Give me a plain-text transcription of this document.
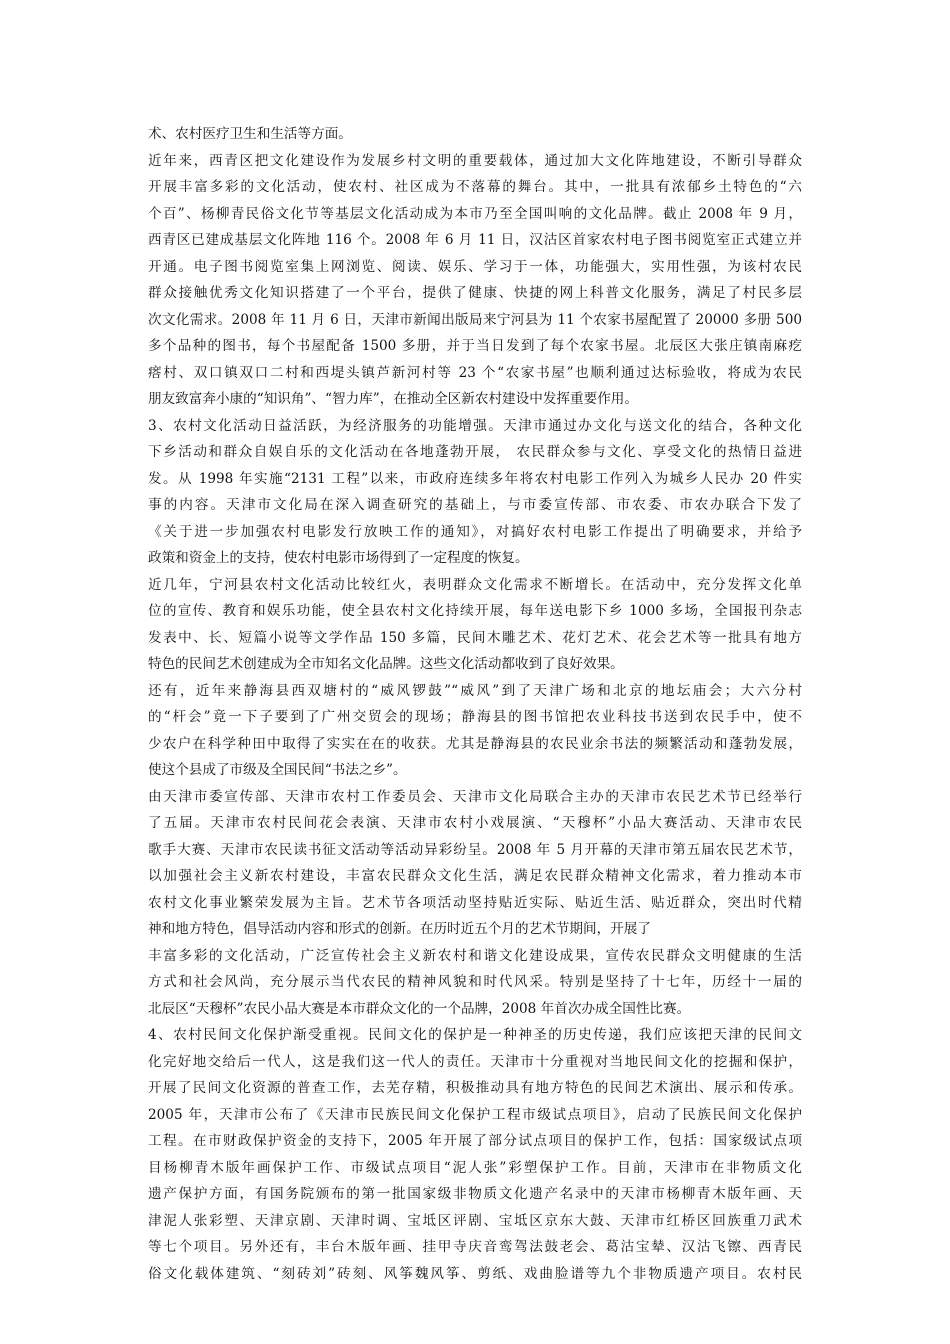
术、农村医疗卫生和生活等方面。
近年来，西青区把文化建设作为发展乡村文明的重要载体，通过加大文化阵地建设，不断引导群众
开展丰富多彩的文化活动，使农村、社区成为不落幕的舞台。其中，一批具有浓郁乡土特色的“六
个百”、杨柳青民俗文化节等基层文化活动成为本市乃至全国叫响的文化品牌。截止 2008 年 9 月，
西青区已建成基层文化阵地 116 个。2008 年 6 月 11 日，汉沽区首家农村电子图书阅览室正式建立并
开通。电子图书阅览室集上网浏览、阅读、娱乐、学习于一体，功能强大，实用性强，为该村农民
群众接触优秀文化知识搭建了一个平台，提供了健康、快捷的网上科普文化服务，满足了村民多层
次文化需求。2008 年 11 月 6 日，天津市新闻出版局来宁河县为 11 个农家书屋配置了 20000 多册 500
多个品种的图书，每个书屋配备 1500 多册，并于当日发到了每个农家书屋。北辰区大张庄镇南麻疙
瘩村、双口镇双口二村和西堤头镇芦新河村等 23 个“农家书屋”也顺利通过达标验收，将成为农民
朋友致富奔小康的“知识角”、“智力库”，在推动全区新农村建设中发挥重要作用。
3、农村文化活动日益活跃，为经济服务的功能增强。天津市通过办文化与送文化的结合，各种文化
下乡活动和群众自娱自乐的文化活动在各地蓬勃开展， 农民群众参与文化、享受文化的热情日益进
发。从 1998 年实施“2131 工程”以来，市政府连续多年将农村电影工作列入为城乡人民办 20 件实
事的内容。天津市文化局在深入调查研究的基础上，与市委宣传部、市农委、市农办联合下发了
《关于进一步加强农村电影发行放映工作的通知》，对搞好农村电影工作提出了明确要求，并给予
政策和资金上的支持，使农村电影市场得到了一定程度的恢复。
近几年，宁河县农村文化活动比较红火，表明群众文化需求不断增长。在活动中，充分发挥文化单
位的宣传、教育和娱乐功能，使全县农村文化持续开展，每年送电影下乡 1000 多场，全国报刊杂志
发表中、长、短篇小说等文学作品 150 多篇，民间木雕艺术、花灯艺术、花会艺术等一批具有地方
特色的民间艺术创建成为全市知名文化品牌。这些文化活动都收到了良好效果。
还有，近年来静海县西双塘村的“威风锣鼓”“威风”到了天津广场和北京的地坛庙会；大六分村
的“杆会”竟一下子要到了广州交贸会的现场；静海县的图书馆把农业科技书送到农民手中，使不
少农户在科学种田中取得了实实在在的收获。尤其是静海县的农民业余书法的频繁活动和蓬勃发展，
使这个县成了市级及全国民间“书法之乡”。
由天津市委宣传部、天津市农村工作委员会、天津市文化局联合主办的天津市农民艺术节已经举行
了五届。天津市农村民间花会表演、天津市农村小戏展演、“天穆杯”小品大赛活动、天津市农民
歌手大赛、天津市农民读书征文活动等活动异彩纷呈。2008 年 5 月开幕的天津市第五届农民艺术节，
以加强社会主义新农村建设，丰富农民群众文化生活，满足农民群众精神文化需求，着力推动本市
农村文化事业繁荣发展为主旨。艺术节各项活动坚持贴近实际、贴近生活、贴近群众，突出时代精
神和地方特色，倡导活动内容和形式的创新。在历时近五个月的艺术节期间，开展了
丰富多彩的文化活动，广泛宣传社会主义新农村和谐文化建设成果，宣传农民群众文明健康的生活
方式和社会风尚，充分展示当代农民的精神风貌和时代风采。特别是坚持了十七年，历经十一届的
北辰区“天穆杯”农民小品大赛是本市群众文化的一个品牌，2008 年首次办成全国性比赛。
4、农村民间文化保护渐受重视。民间文化的保护是一种神圣的历史传递，我们应该把天津的民间文
化完好地交给后一代人，这是我们这一代人的责任。天津市十分重视对当地民间文化的挖掘和保护，
开展了民间文化资源的普查工作，去芜存精，积极推动具有地方特色的民间艺术演出、展示和传承。
2005 年，天津市公布了《天津市民族民间文化保护工程市级试点项目》，启动了民族民间文化保护
工程。在市财政保护资金的支持下，2005 年开展了部分试点项目的保护工作，包括：国家级试点项
目杨柳青木版年画保护工作、市级试点项目“泥人张”彩塑保护工作。目前，天津市在非物质文化
遗产保护方面，有国务院颁布的第一批国家级非物质文化遗产名录中的天津市杨柳青木版年画、天
津泥人张彩塑、天津京剧、天津时调、宝坻区评剧、宝坻区京东大鼓、天津市红桥区回族重刀武术
等七个项目。另外还有，丰台木版年画、挂甲寺庆音鸾驾法鼓老会、葛沽宝辇、汉沽飞镲、西青民
俗文化载体建筑、“刻砖刘”砖刻、风筝魏风筝、剪纸、戏曲脸谱等九个非物质遗产项目。农村民
